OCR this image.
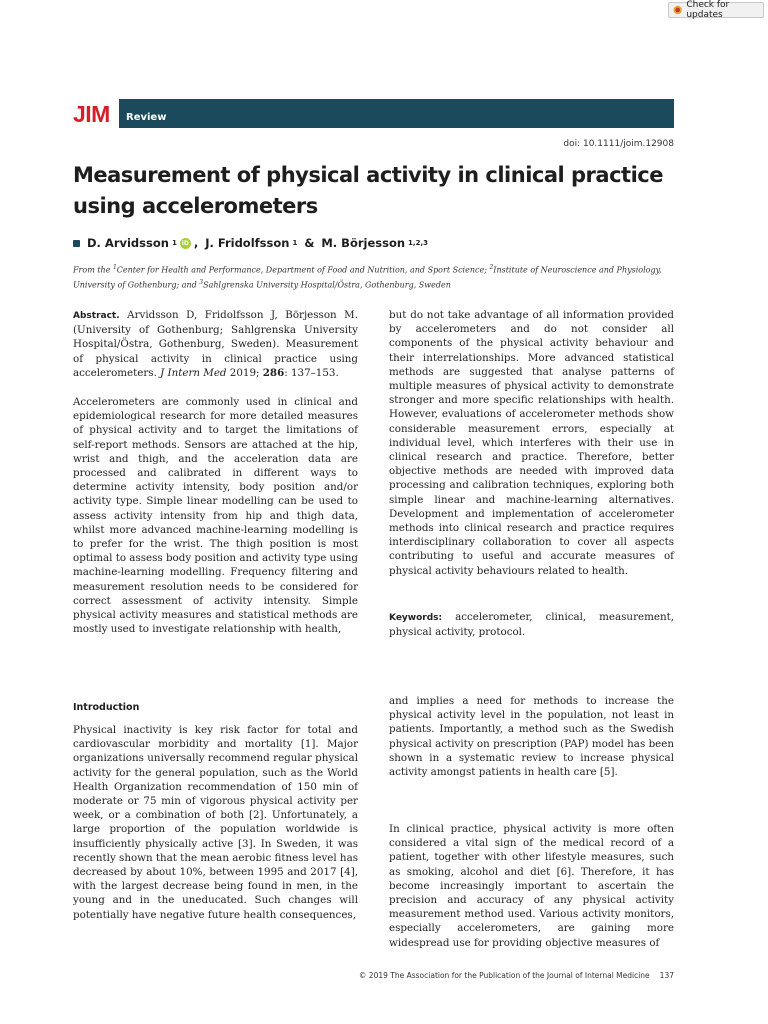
Check for updates
JIM Review
doi: 10.1111/joim.12908
Measurement of physical activity in clinical practice using accelerometers
D. Arvidsson 1 iD , J. Fridolfsson 1 & M. Börjesson 1,2,3
From the $^1$Center for Health and Performance, Department of Food and Nutrition, and Sport Science; $^2$Institute of Neuroscience and Physiology, University of Gothenburg; and $^3$Sahlgrenska University Hospital/Östra, Gothenburg, Sweden

Abstract. Arvidsson D, Fridolfsson J, Börjesson M. (University of Gothenburg; Sahlgrenska University Hospital/Östra, Gothenburg, Sweden). Measurement of physical activity in clinical practice using accelerometers. J Intern Med 2019; 286: 137–153.

Accelerometers are commonly used in clinical and epidemiological research for more detailed measures of physical activity and to target the limitations of self-report methods. Sensors are attached at the hip, wrist and thigh, and the acceleration data are processed and calibrated in different ways to determine activity intensity, body position and/or activity type. Simple linear modelling can be used to assess activity intensity from hip and thigh data, whilst more advanced machine-learning modelling is to prefer for the wrist. The thigh position is most optimal to assess body position and activity type using machine-learning modelling. Frequency filtering and measurement resolution needs to be considered for correct assessment of activity intensity. Simple physical activity measures and statistical methods are mostly used to investigate relationship with health,

but do not take advantage of all information provided by accelerometers and do not consider all components of the physical activity behaviour and their interrelationships. More advanced statistical methods are suggested that analyse patterns of multiple measures of physical activity to demonstrate stronger and more specific relationships with health. However, evaluations of accelerometer methods show considerable measurement errors, especially at individual level, which interferes with their use in clinical research and practice. Therefore, better objective methods are needed with improved data processing and calibration techniques, exploring both simple linear and machine-learning alternatives. Development and implementation of accelerometer methods into clinical research and practice requires interdisciplinary collaboration to cover all aspects contributing to useful and accurate measures of physical activity behaviours related to health.

Keywords: accelerometer, clinical, measurement, physical activity, protocol.

Introduction

Physical inactivity is key risk factor for total and cardiovascular morbidity and mortality [1]. Major organizations universally recommend regular physical activity for the general population, such as the World Health Organization recommendation of 150 min of moderate or 75 min of vigorous physical activity per week, or a combination of both [2]. Unfortunately, a large proportion of the population worldwide is insufficiently physically active [3]. In Sweden, it was recently shown that the mean aerobic fitness level has decreased by about 10%, between 1995 and 2017 [4], with the largest decrease being found in men, in the young and in the uneducated. Such changes will potentially have negative future health consequences,

and implies a need for methods to increase the physical activity level in the population, not least in patients. Importantly, a method such as the Swedish physical activity on prescription (PAP) model has been shown in a systematic review to increase physical activity amongst patients in health care [5].

In clinical practice, physical activity is more often considered a vital sign of the medical record of a patient, together with other lifestyle measures, such as smoking, alcohol and diet [6]. Therefore, it has become increasingly important to ascertain the precision and accuracy of any physical activity measurement method used. Various activity monitors, especially accelerometers, are gaining more widespread use for providing objective measures of

© 2019 The Association for the Publication of the Journal of Internal Medicine 137
